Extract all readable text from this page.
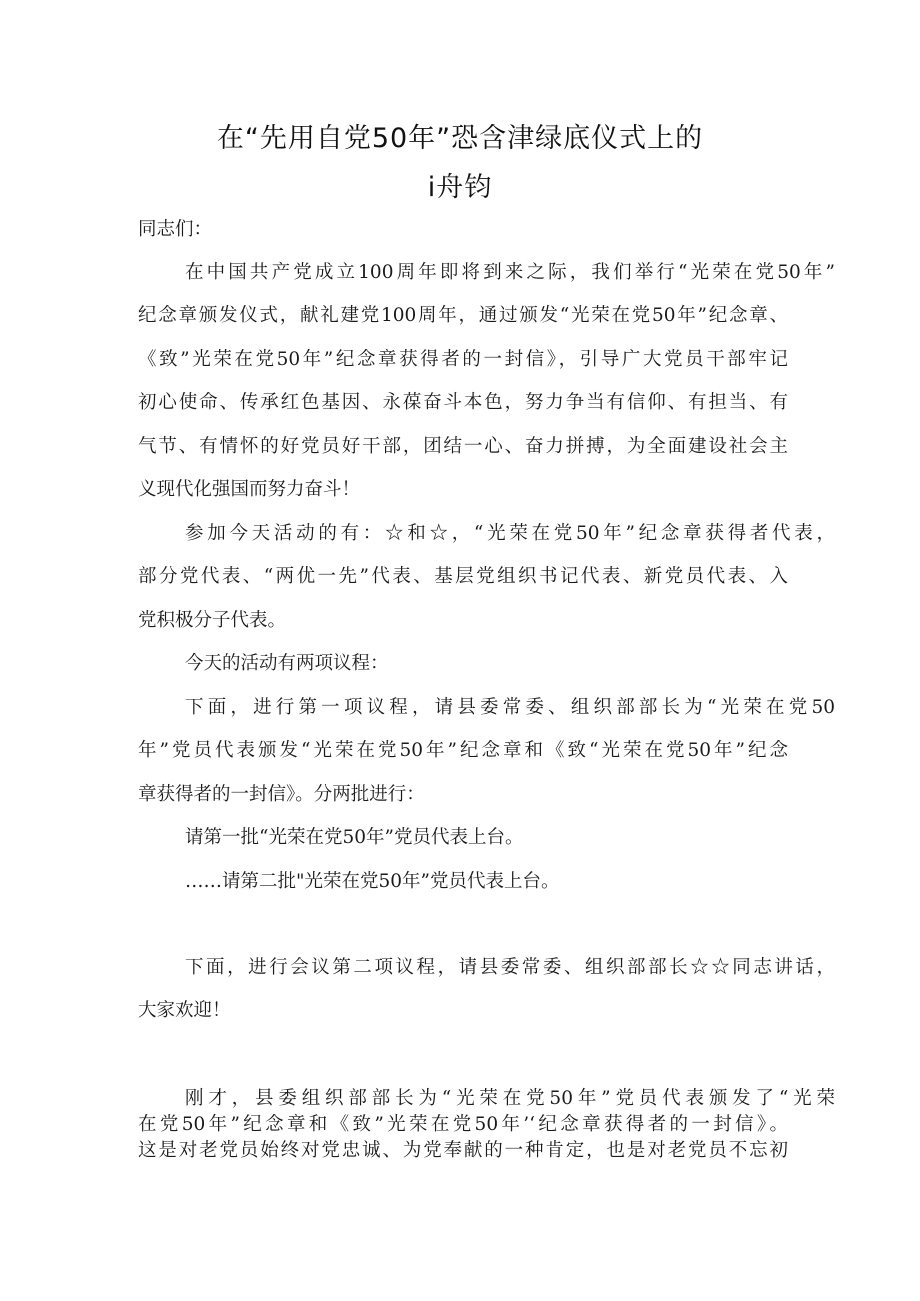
在“先用自党50年”恐含津绿底仪式上的
i舟钧
同志们：
在中国共产党成立100周年即将到来之际，我们举行“光荣在党50年”
纪念章颁发仪式，献礼建党100周年，通过颁发“光荣在党50年”纪念章、
《致”光荣在党50年”纪念章获得者的一封信》，引导广大党员干部牢记
初心使命、传承红色基因、永葆奋斗本色，努力争当有信仰、有担当、有
气节、有情怀的好党员好干部，团结一心、奋力拼搏，为全面建设社会主
义现代化强国而努力奋斗！
参加今天活动的有：☆和☆，“光荣在党50年”纪念章获得者代表，
部分党代表、“两优一先”代表、基层党组织书记代表、新党员代表、入
党积极分子代表。
今天的活动有两项议程：
下面，进行第一项议程，请县委常委、组织部部长为“光荣在党50
年”党员代表颁发“光荣在党50年”纪念章和《致“光荣在党50年”纪念
章获得者的一封信》。分两批进行：
请第一批“光荣在党50年”党员代表上台。
……请第二批"光荣在党50年”党员代表上台。
下面，进行会议第二项议程，请县委常委、组织部部长☆☆同志讲话，
大家欢迎！
刚才，县委组织部部长为“光荣在党50年”党员代表颁发了“光荣
在党50年”纪念章和《致”光荣在党50年’‘纪念章获得者的一封信》。
这是对老党员始终对党忠诚、为党奉献的一种肯定，也是对老党员不忘初
